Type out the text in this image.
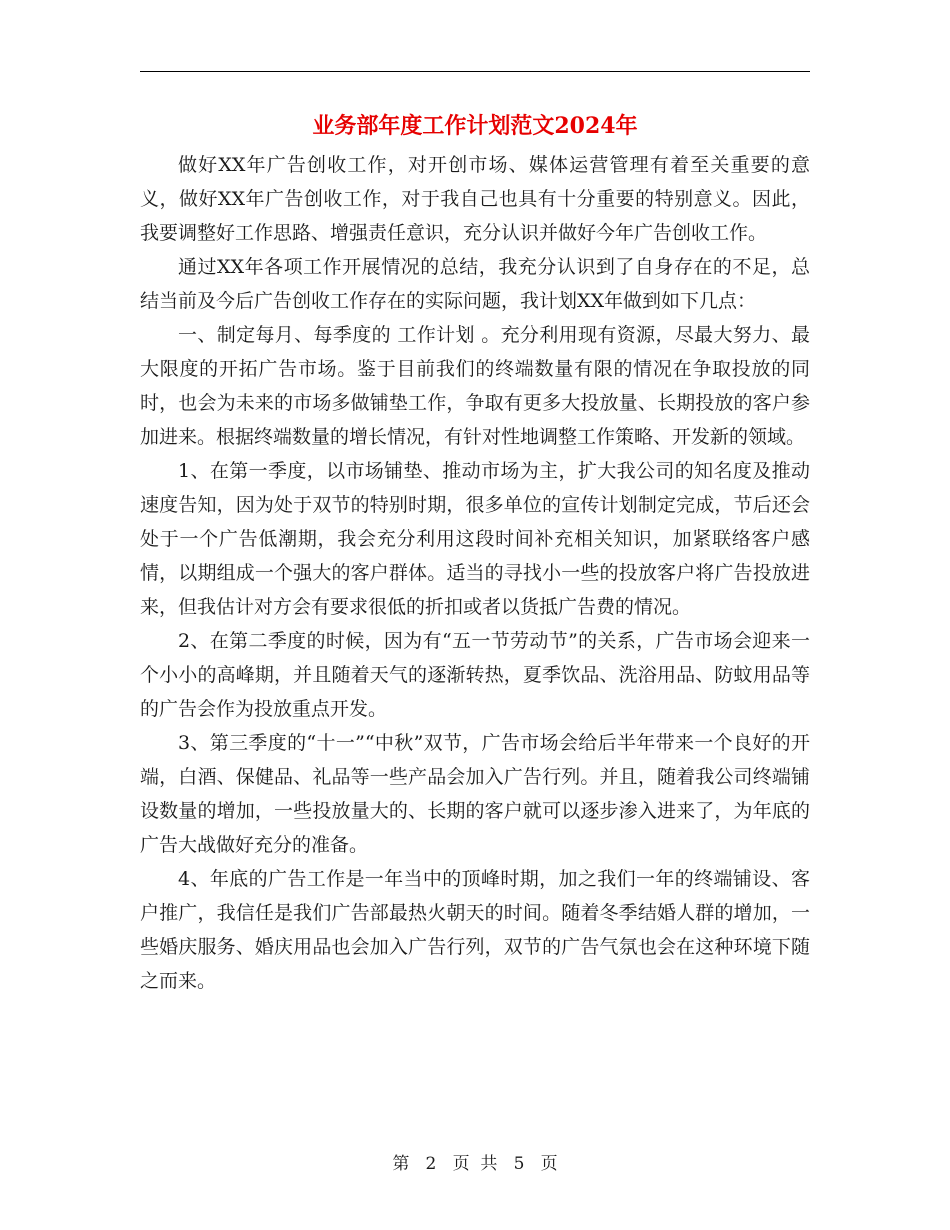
业务部年度工作计划范文2024年

做好XX年广告创收工作，对开创市场、媒体运营管理有着至关重要的意义，做好XX年广告创收工作，对于我自己也具有十分重要的特别意义。因此，我要调整好工作思路、增强责任意识，充分认识并做好今年广告创收工作。

通过XX年各项工作开展情况的总结，我充分认识到了自身存在的不足，总结当前及今后广告创收工作存在的实际问题，我计划XX年做到如下几点：

一、制定每月、每季度的 工作计划 。充分利用现有资源，尽最大努力、最大限度的开拓广告市场。鉴于目前我们的终端数量有限的情况在争取投放的同时，也会为未来的市场多做铺垫工作，争取有更多大投放量、长期投放的客户参加进来。根据终端数量的增长情况，有针对性地调整工作策略、开发新的领域。

1、在第一季度，以市场铺垫、推动市场为主，扩大我公司的知名度及推动速度告知，因为处于双节的特别时期，很多单位的宣传计划制定完成，节后还会处于一个广告低潮期，我会充分利用这段时间补充相关知识，加紧联络客户感情，以期组成一个强大的客户群体。适当的寻找小一些的投放客户将广告投放进来，但我估计对方会有要求很低的折扣或者以货抵广告费的情况。

2、在第二季度的时候，因为有“五一节劳动节”的关系，广告市场会迎来一个小小的高峰期，并且随着天气的逐渐转热，夏季饮品、洗浴用品、防蚊用品等的广告会作为投放重点开发。

3、第三季度的“十一”“中秋”双节，广告市场会给后半年带来一个良好的开端，白酒、保健品、礼品等一些产品会加入广告行列。并且，随着我公司终端铺设数量的增加，一些投放量大的、长期的客户就可以逐步渗入进来了，为年底的广告大战做好充分的准备。

4、年底的广告工作是一年当中的顶峰时期，加之我们一年的终端铺设、客户推广，我信任是我们广告部最热火朝天的时间。随着冬季结婚人群的增加，一些婚庆服务、婚庆用品也会加入广告行列，双节的广告气氛也会在这种环境下随之而来。

第 2 页  共 5 页
